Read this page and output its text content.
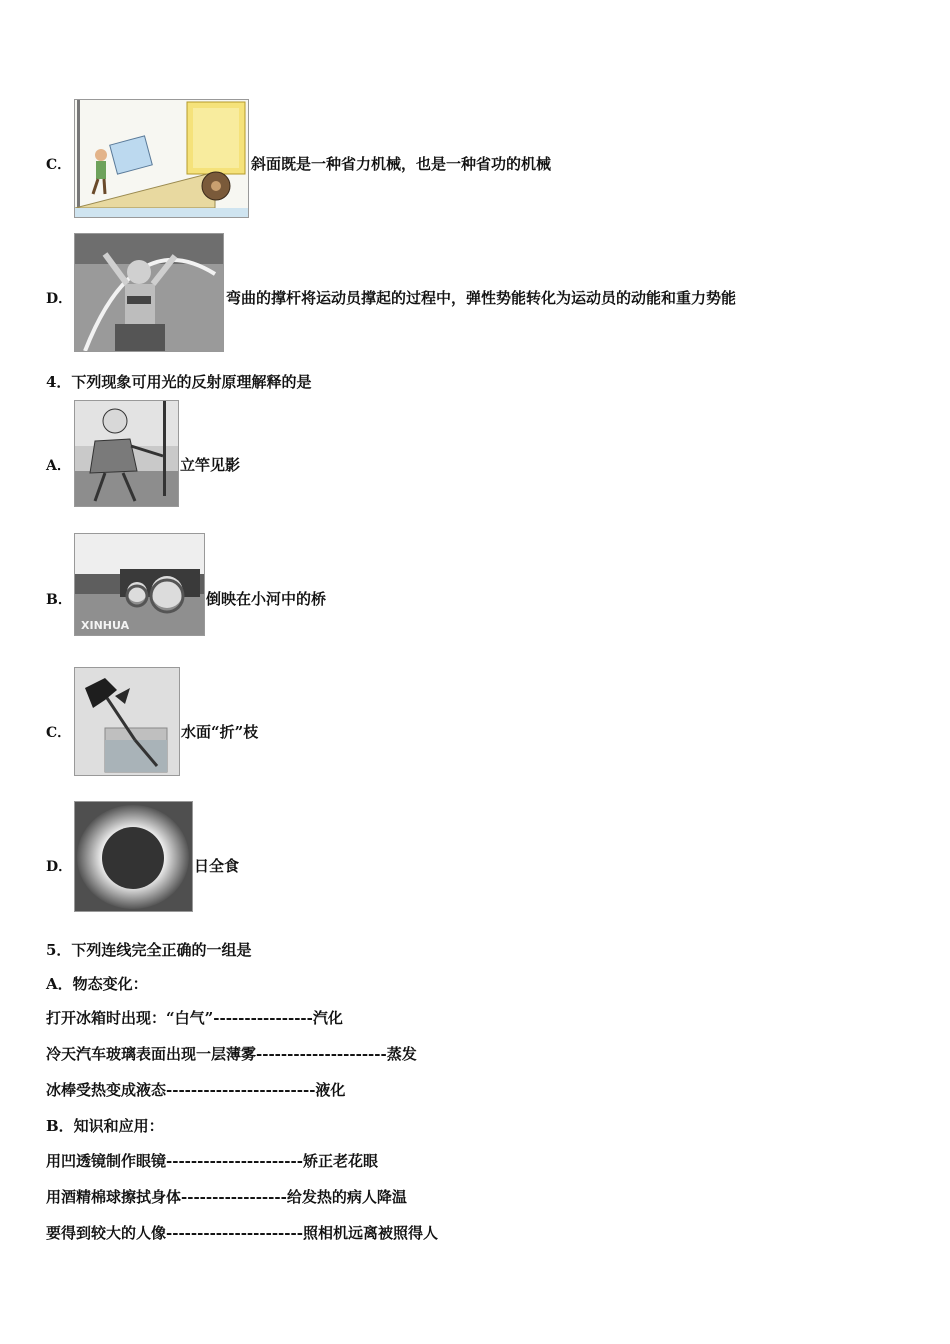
C．	斜面既是一种省力机械，也是一种省功的机械
D．	弯曲的撑杆将运动员撑起的过程中，弹性势能转化为运动员的动能和重力势能
4．下列现象可用光的反射原理解释的是
A．	立竿见影
B．
XINHUA
倒映在小河中的桥
C．	水面“折”枝
D．	日全食
5．下列连线完全正确的一组是
A．物态变化：
打开冰箱时出现：“白气”----------------汽化
冷天汽车玻璃表面出现一层薄雾---------------------蒸发
冰棒受热变成液态------------------------液化
B．知识和应用：
用凹透镜制作眼镜----------------------矫正老花眼
用酒精棉球擦拭身体-----------------给发热的病人降温
要得到较大的人像----------------------照相机远离被照得人
